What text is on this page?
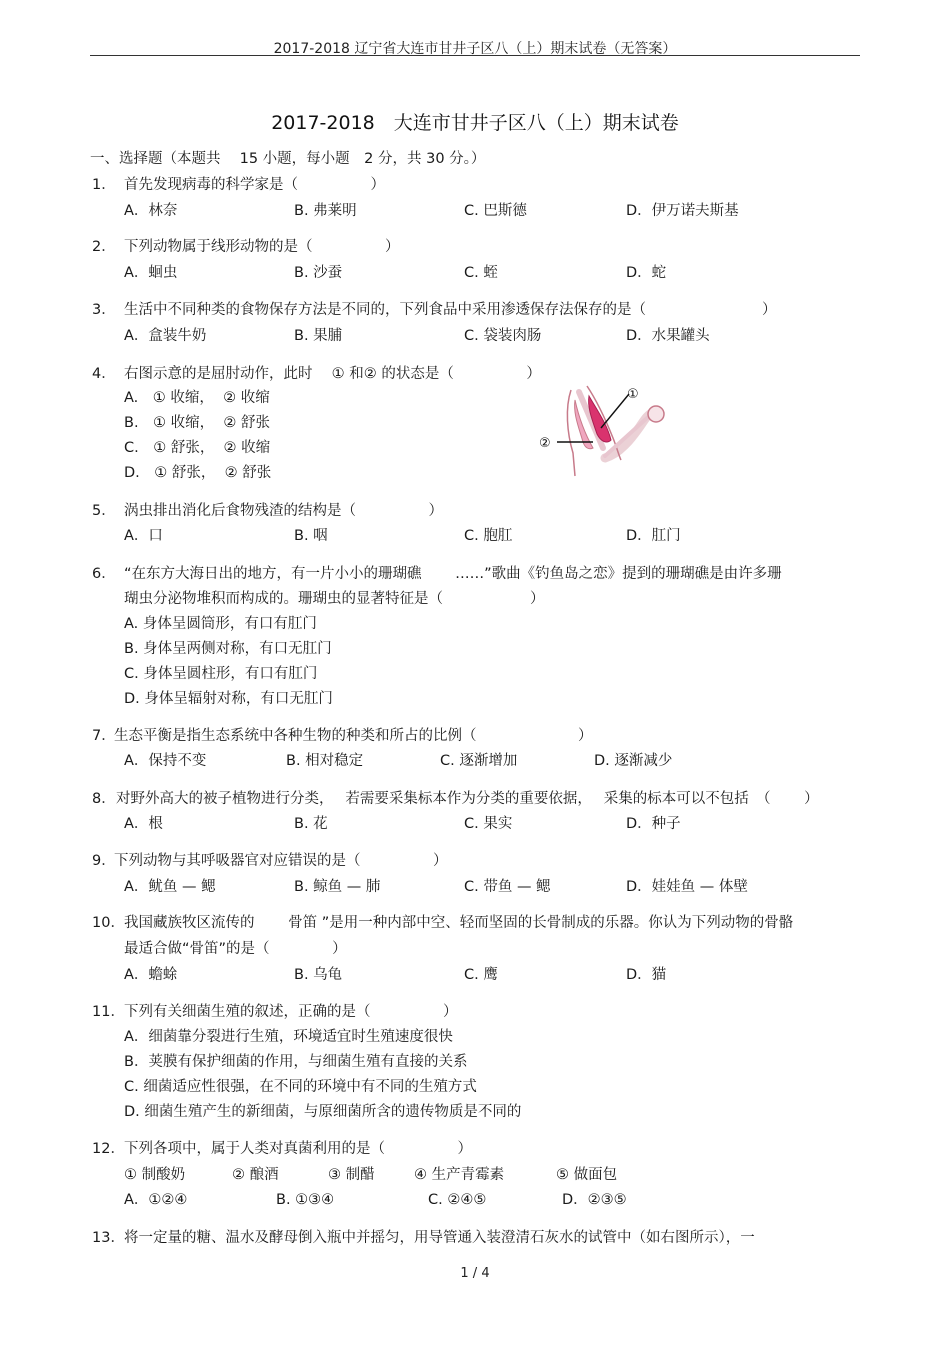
2017-2018 辽宁省大连市甘井子区八（上）期末试卷（无答案）
2017-2018　大连市甘井子区八（上）期末试卷
一、选择题（本题共　 15 小题，每小题　2 分，共 30 分。）
1． 首先发现病毒的科学家是（　　　　　）
A．林奈	B. 弗莱明	C. 巴斯德	D．伊万诺夫斯基
2． 下列动物属于线形动物的是（　　　　　）
A．蛔虫	B. 沙蚕	C. 蛭	D．蛇
3． 生活中不同种类的食物保存方法是不同的，下列食品中采用渗透保存法保存的是（　　　　　　　　）
A．盒装牛奶	B. 果脯	C. 袋装肉肠	D．水果罐头
4． 右图示意的是屈肘动作，此时　 ① 和② 的状态是（　　　　　）
A.　① 收缩，  ② 收缩
B.　① 收缩，  ② 舒张
C.　① 舒张，  ② 收缩
D.　① 舒张，  ② 舒张
①
②
5． 涡虫排出消化后食物残渣的结构是（　　　　　）
A．口	B. 咽	C. 胞肛	D．肛门
6． “在东方大海日出的地方，有一片小小的珊瑚礁　　 ……”歌曲《钓鱼岛之恋》提到的珊瑚礁是由许多珊
瑚虫分泌物堆积而构成的。珊瑚虫的显著特征是（　　　　　　）
A. 身体呈圆筒形，有口有肛门
B. 身体呈两侧对称，有口无肛门
C. 身体呈圆柱形，有口有肛门
D. 身体呈辐射对称，有口无肛门
7．
生态平衡是指生态系统中各种生物的种类和所占的比例（　　　　　　　）
A．保持不变	B. 相对稳定	C. 逐渐增加	D. 逐渐减少
8． 对野外高大的被子植物进行分类，　 若需要采集标本作为分类的重要依据，　 采集的标本可以不包括　（　　 ）
A．根	B. 花	C. 果实	D．种子
9．
下列动物与其呼吸器官对应错误的是（　　　　　）
A．鱿鱼 — 鳃	B. 鲸鱼 — 肺	C. 带鱼 — 鳃	D．娃娃鱼 — 体壁
10． 我国藏族牧区流传的　　 骨笛 ”是用一种内部中空、轻而坚固的长骨制成的乐器。你认为下列动物的骨骼
最适合做“骨笛”的是（　　　　 ）
A．蟾蜍	B. 乌龟	C. 鹰	D．猫
11． 下列有关细菌生殖的叙述，正确的是（　　　　　）
A．细菌靠分裂进行生殖，环境适宜时生殖速度很快
B．荚膜有保护细菌的作用，与细菌生殖有直接的关系
C. 细菌适应性很强，在不同的环境中有不同的生殖方式
D. 细菌生殖产生的新细菌，与原细菌所含的遗传物质是不同的
12． 下列各项中，属于人类对真菌利用的是（　　　　　）
① 制酸奶	② 酿酒	③ 制醋	④ 生产青霉素	⑤ 做面包
A．①②④	B. ①③④	C. ②④⑤	D．②③⑤
13． 将一定量的糖、温水及酵母倒入瓶中并摇匀，用导管通入装澄清石灰水的试管中（如右图所示），一
1 / 4
